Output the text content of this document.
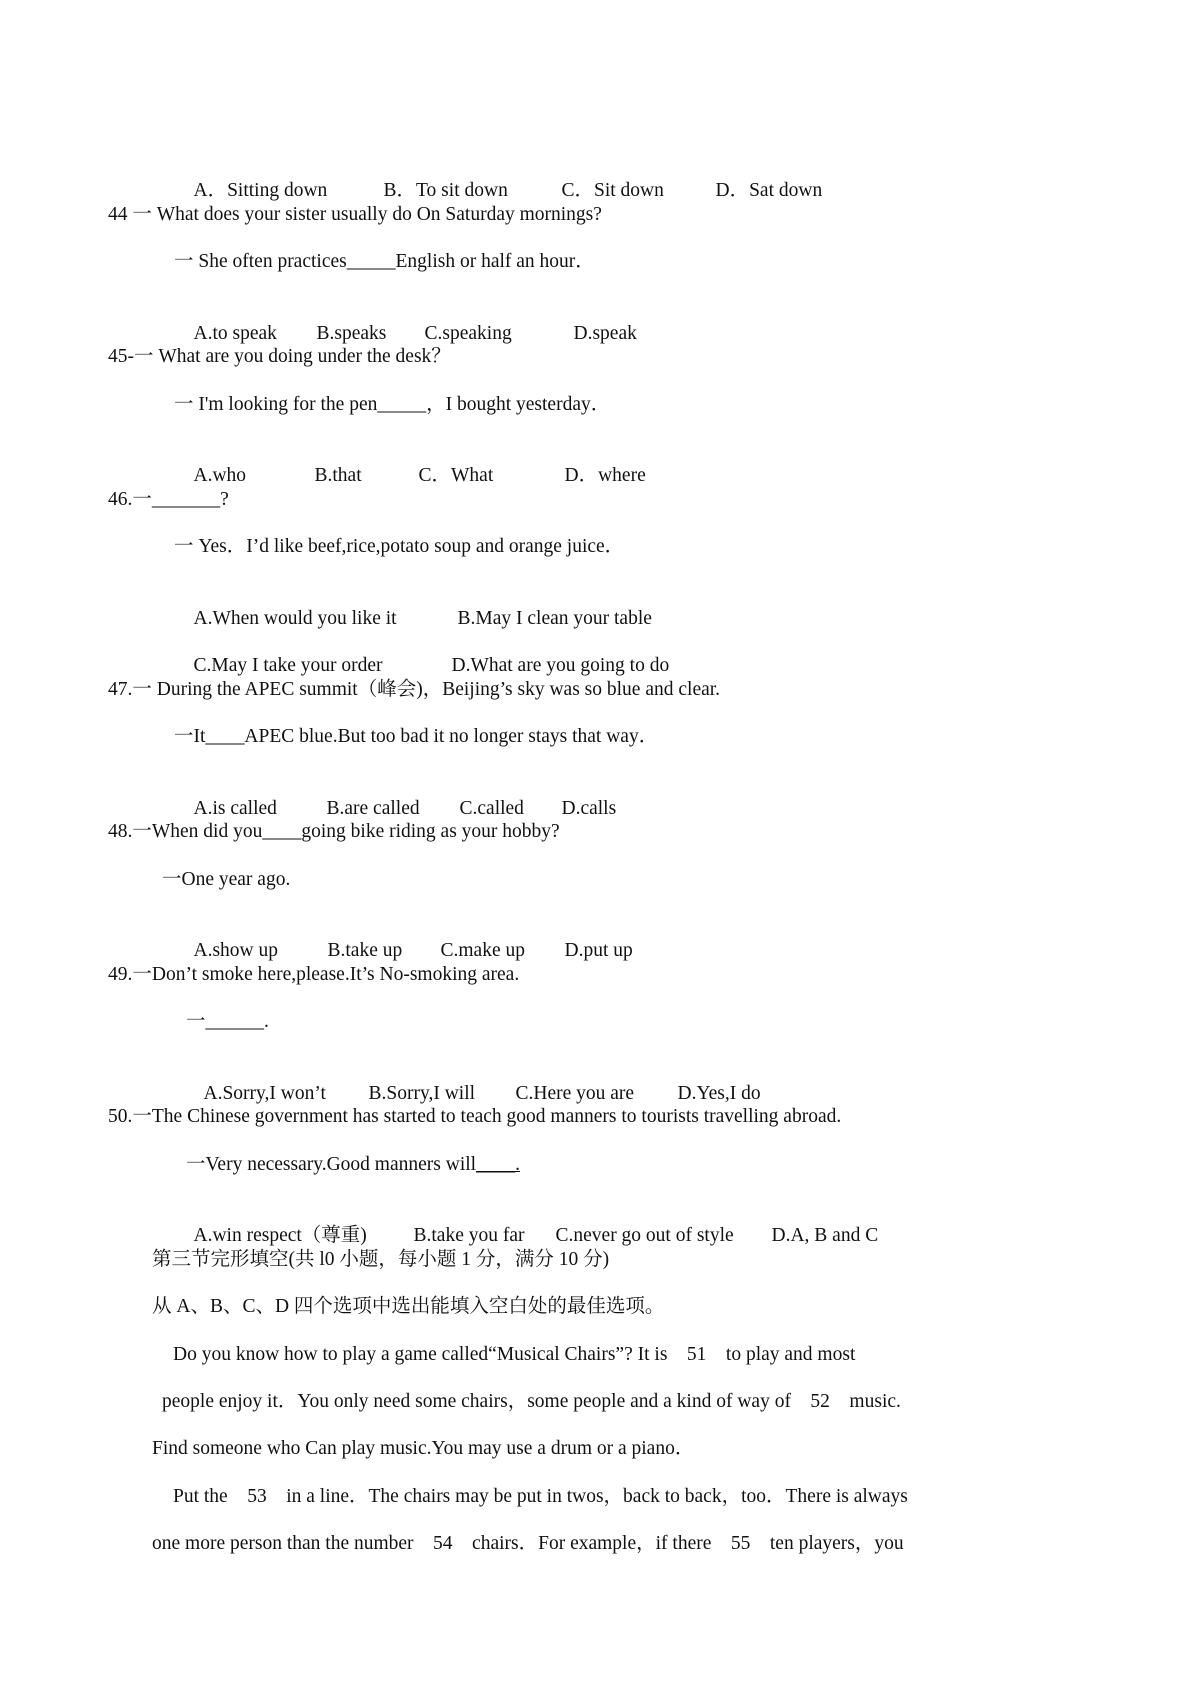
A．Sitting down	B．To sit down	C．Sit down	D．Sat down

44 一 What does your sister usually do On Saturday mornings?
一 She often practices_____English or half an hour．

A.to speak B.speaks C.speaking	D.speak

45-一 What are you doing under the desk？
一 I'm looking for the pen_____，I bought yesterday．

A.who	B.that	C．What	D．where

46.一_______?
一 Yes．I’d like beef,rice,potato soup and orange juice．

A.When would you like it	B.May I clean your table

C.May I take your order	D.What are you going to do

47.一 During the APEC summit（峰会)，Beijing’s sky was so blue and clear.
一It____APEC blue.But too bad it no longer stays that way．

A.is called	B.are called C.called D.calls

48.一When did you____going bike riding as your hobby?
一One year ago.

A.show up	B.take up C.make up D.put up

49.一Don’t smoke here,please.It’s No-smoking area.
一______.

A.Sorry,I won’t B.Sorry,I will C.Here you are D.Yes,I do

50.一The Chinese government has started to teach good manners to tourists travelling abroad.
一Very necessary.Good manners will____.

A.win respect（尊重) B.take you far C.never go out of style D.A, B and C

第三节完形填空(共 l0 小题，每小题 1 分，满分 10 分)
从 A、B、C、D 四个选项中选出能填入空白处的最佳选项。
Do you know how to play a game called“Musical Chairs”? It is    51    to play and most
people enjoy it．You only need some chairs，some people and a kind of way of    52    music.
Find someone who Can play music.You may use a drum or a piano．
Put the    53    in a line．The chairs may be put in twos，back to back，too．There is always
one more person than the number    54    chairs．For example，if there    55    ten players，you
